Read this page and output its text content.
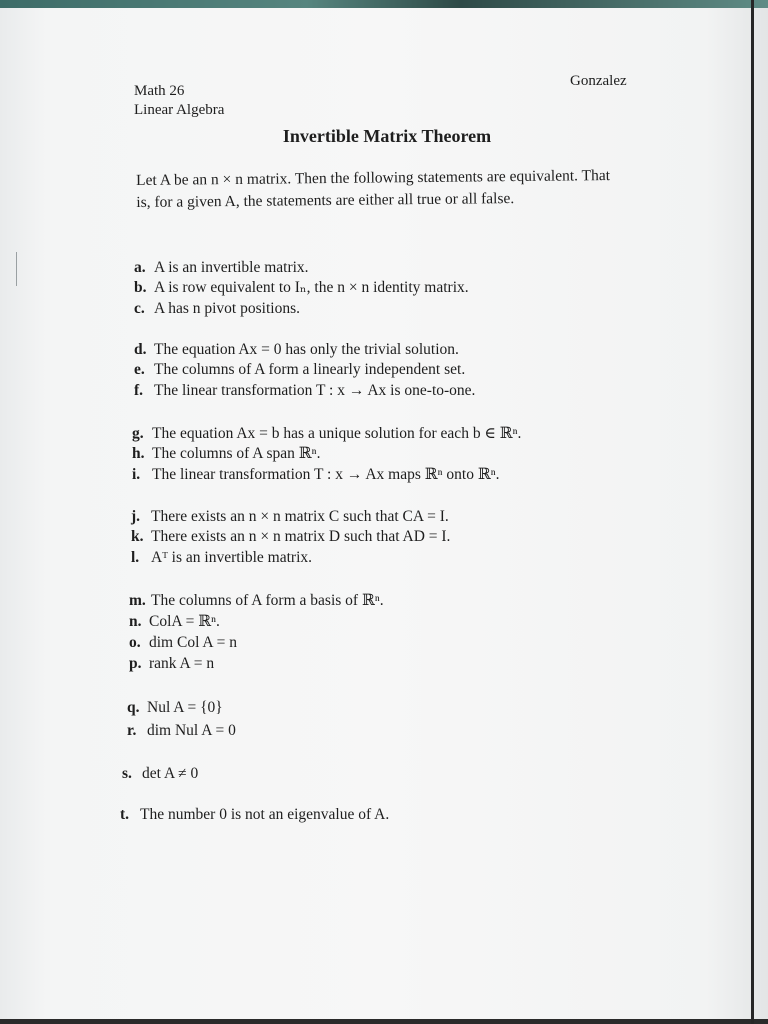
Math 26
Linear Algebra
Gonzalez
Invertible Matrix Theorem
Let A be an n × n matrix. Then the following statements are equivalent. That is, for a given A, the statements are either all true or all false.
a. A is an invertible matrix.
b. A is row equivalent to Iₙ, the n × n identity matrix.
c. A has n pivot positions.
d. The equation Ax = 0 has only the trivial solution.
e. The columns of A form a linearly independent set.
f. The linear transformation T : x → Ax is one-to-one.
g. The equation Ax = b has a unique solution for each b ∈ ℝⁿ.
h. The columns of A span ℝⁿ.
i. The linear transformation T : x → Ax maps ℝⁿ onto ℝⁿ.
j. There exists an n × n matrix C such that CA = I.
k. There exists an n × n matrix D such that AD = I.
l. Aᵀ is an invertible matrix.
m. The columns of A form a basis of ℝⁿ.
n. ColA = ℝⁿ.
o. dim Col A = n
p. rank A = n
q. Nul A = {0}
r. dim Nul A = 0
s. det A ≠ 0
t. The number 0 is not an eigenvalue of A.
